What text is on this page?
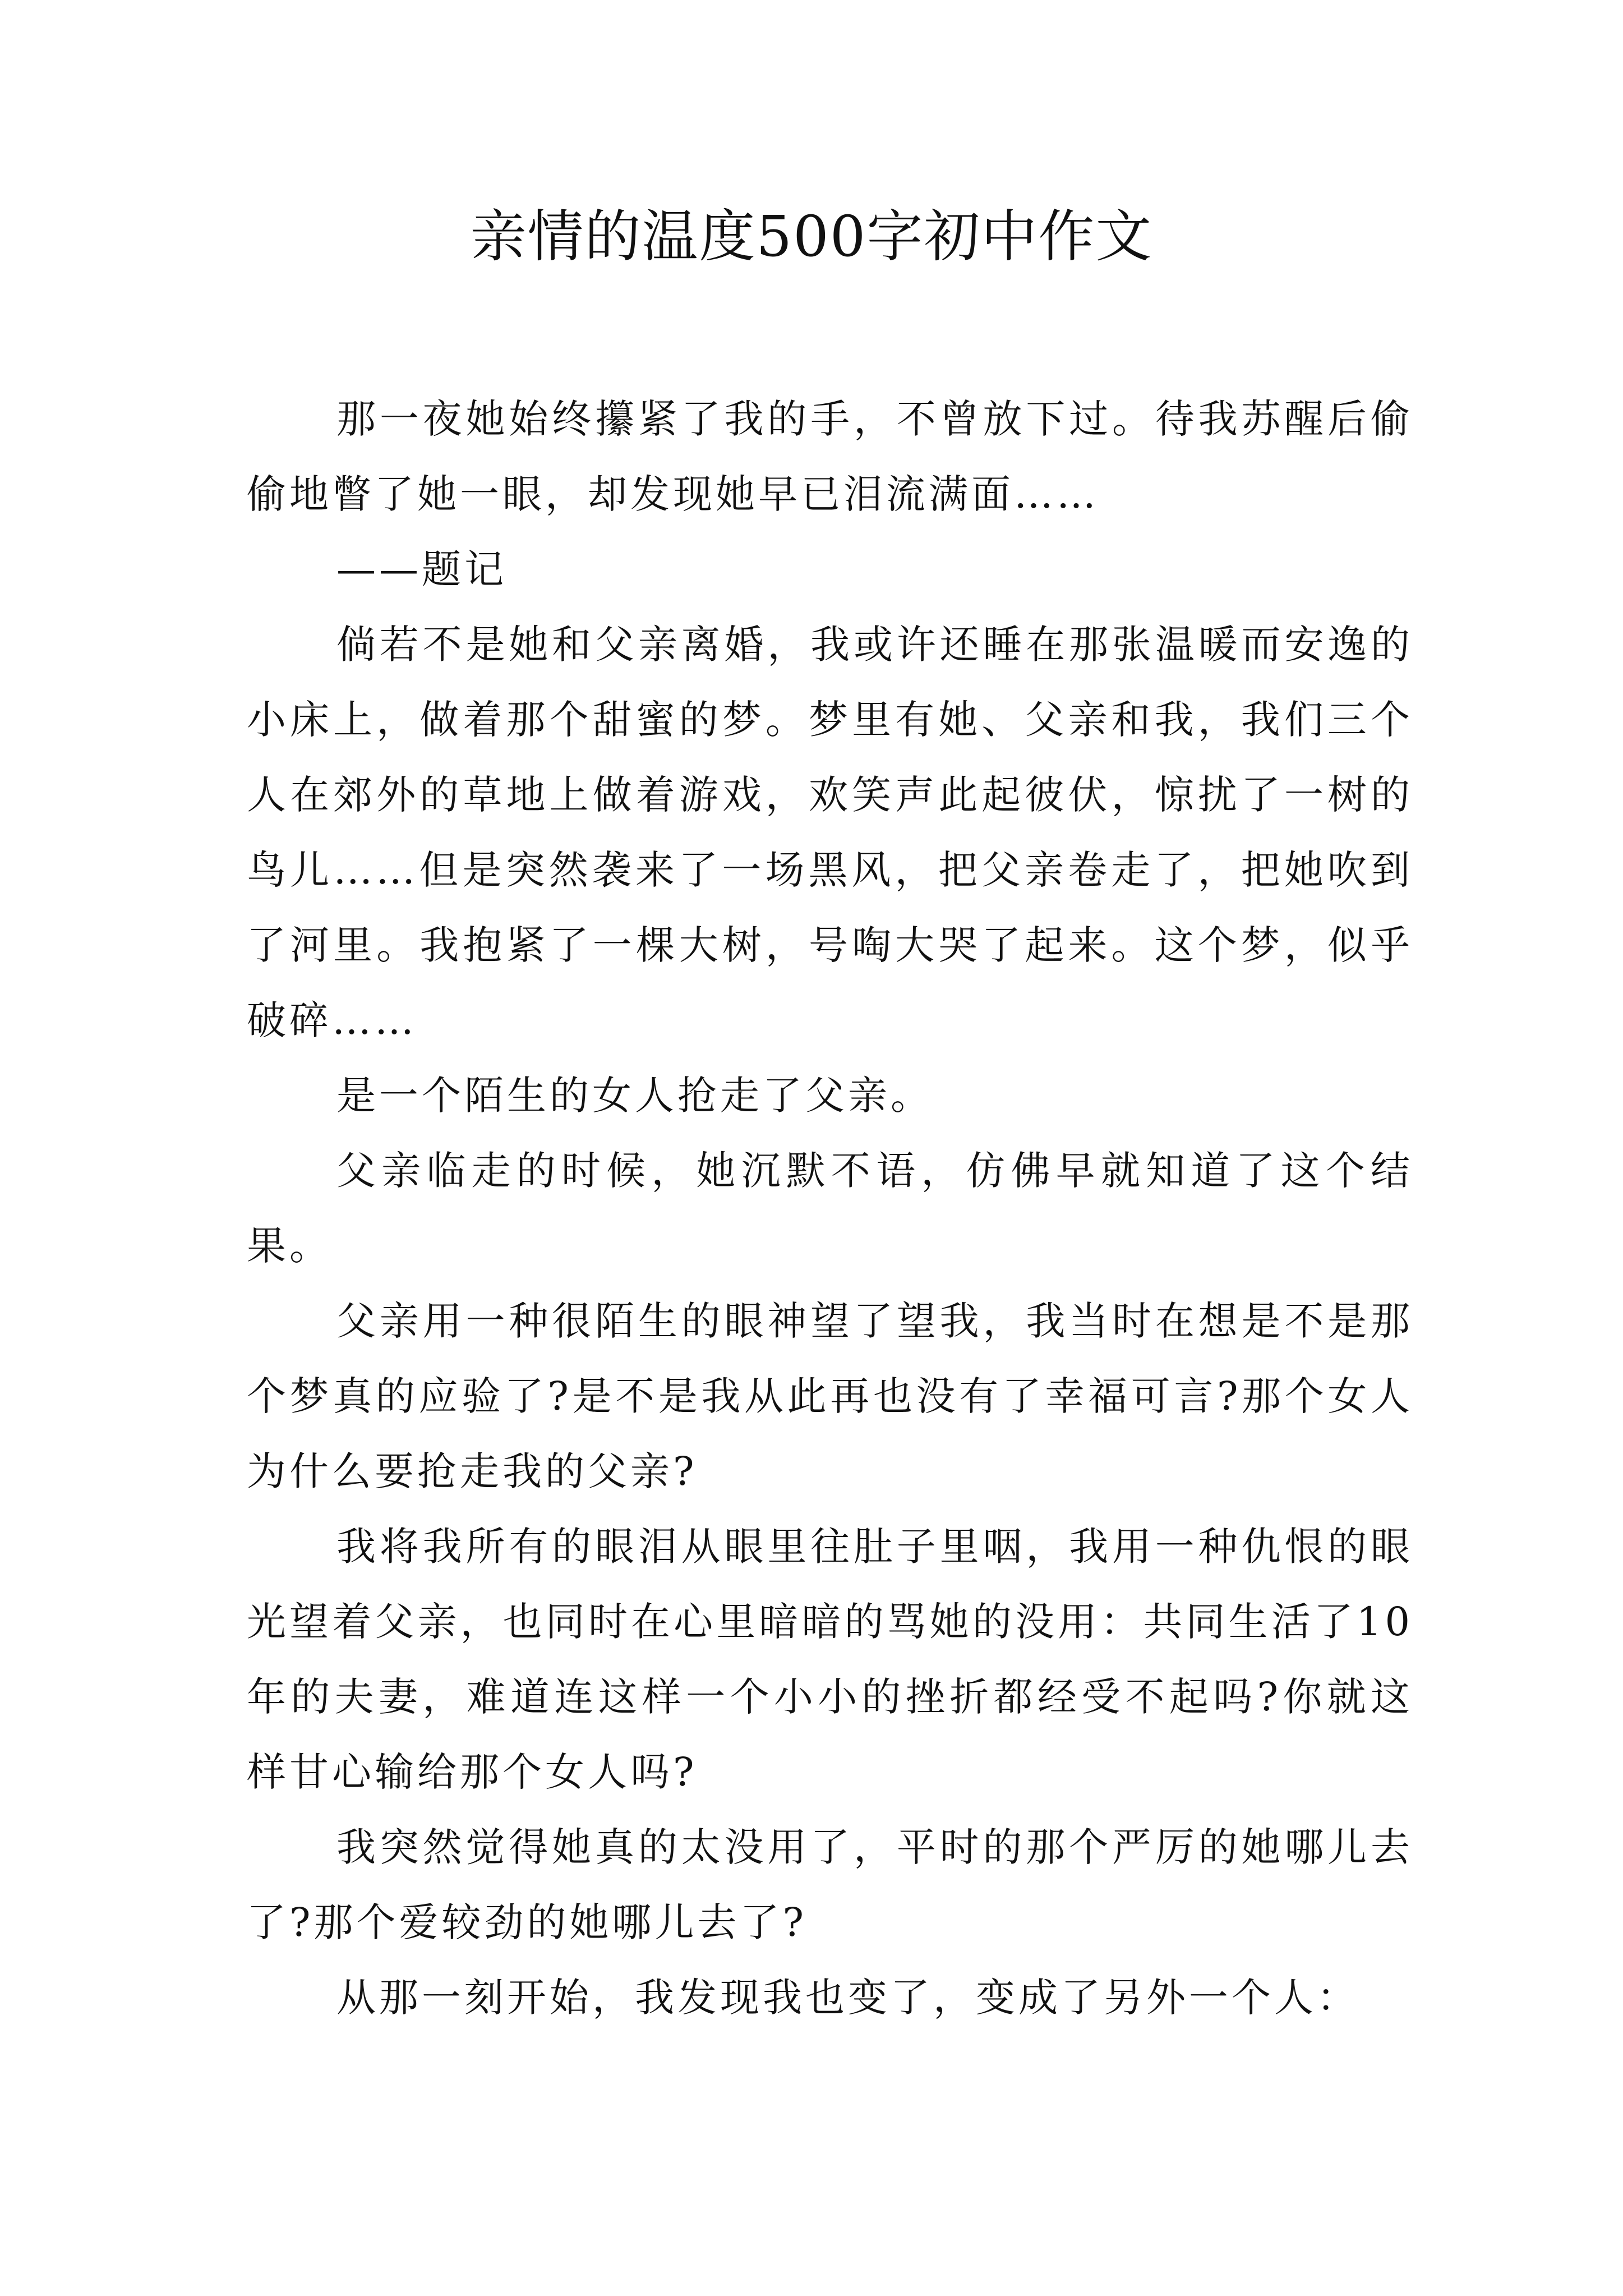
亲情的温度500字初中作文

那一夜她始终攥紧了我的手，不曾放下过。待我苏醒后偷偷地瞥了她一眼，却发现她早已泪流满面……

——题记

倘若不是她和父亲离婚，我或许还睡在那张温暖而安逸的小床上，做着那个甜蜜的梦。梦里有她、父亲和我，我们三个人在郊外的草地上做着游戏，欢笑声此起彼伏，惊扰了一树的鸟儿……但是突然袭来了一场黑风，把父亲卷走了，把她吹到了河里。我抱紧了一棵大树，号啕大哭了起来。这个梦，似乎破碎……

是一个陌生的女人抢走了父亲。

父亲临走的时候，她沉默不语，仿佛早就知道了这个结果。

父亲用一种很陌生的眼神望了望我，我当时在想是不是那个梦真的应验了?是不是我从此再也没有了幸福可言?那个女人为什么要抢走我的父亲?

我将我所有的眼泪从眼里往肚子里咽，我用一种仇恨的眼光望着父亲，也同时在心里暗暗的骂她的没用：共同生活了10年的夫妻，难道连这样一个小小的挫折都经受不起吗?你就这样甘心输给那个女人吗?

我突然觉得她真的太没用了，平时的那个严厉的她哪儿去了?那个爱较劲的她哪儿去了?

从那一刻开始，我发现我也变了，变成了另外一个人：
